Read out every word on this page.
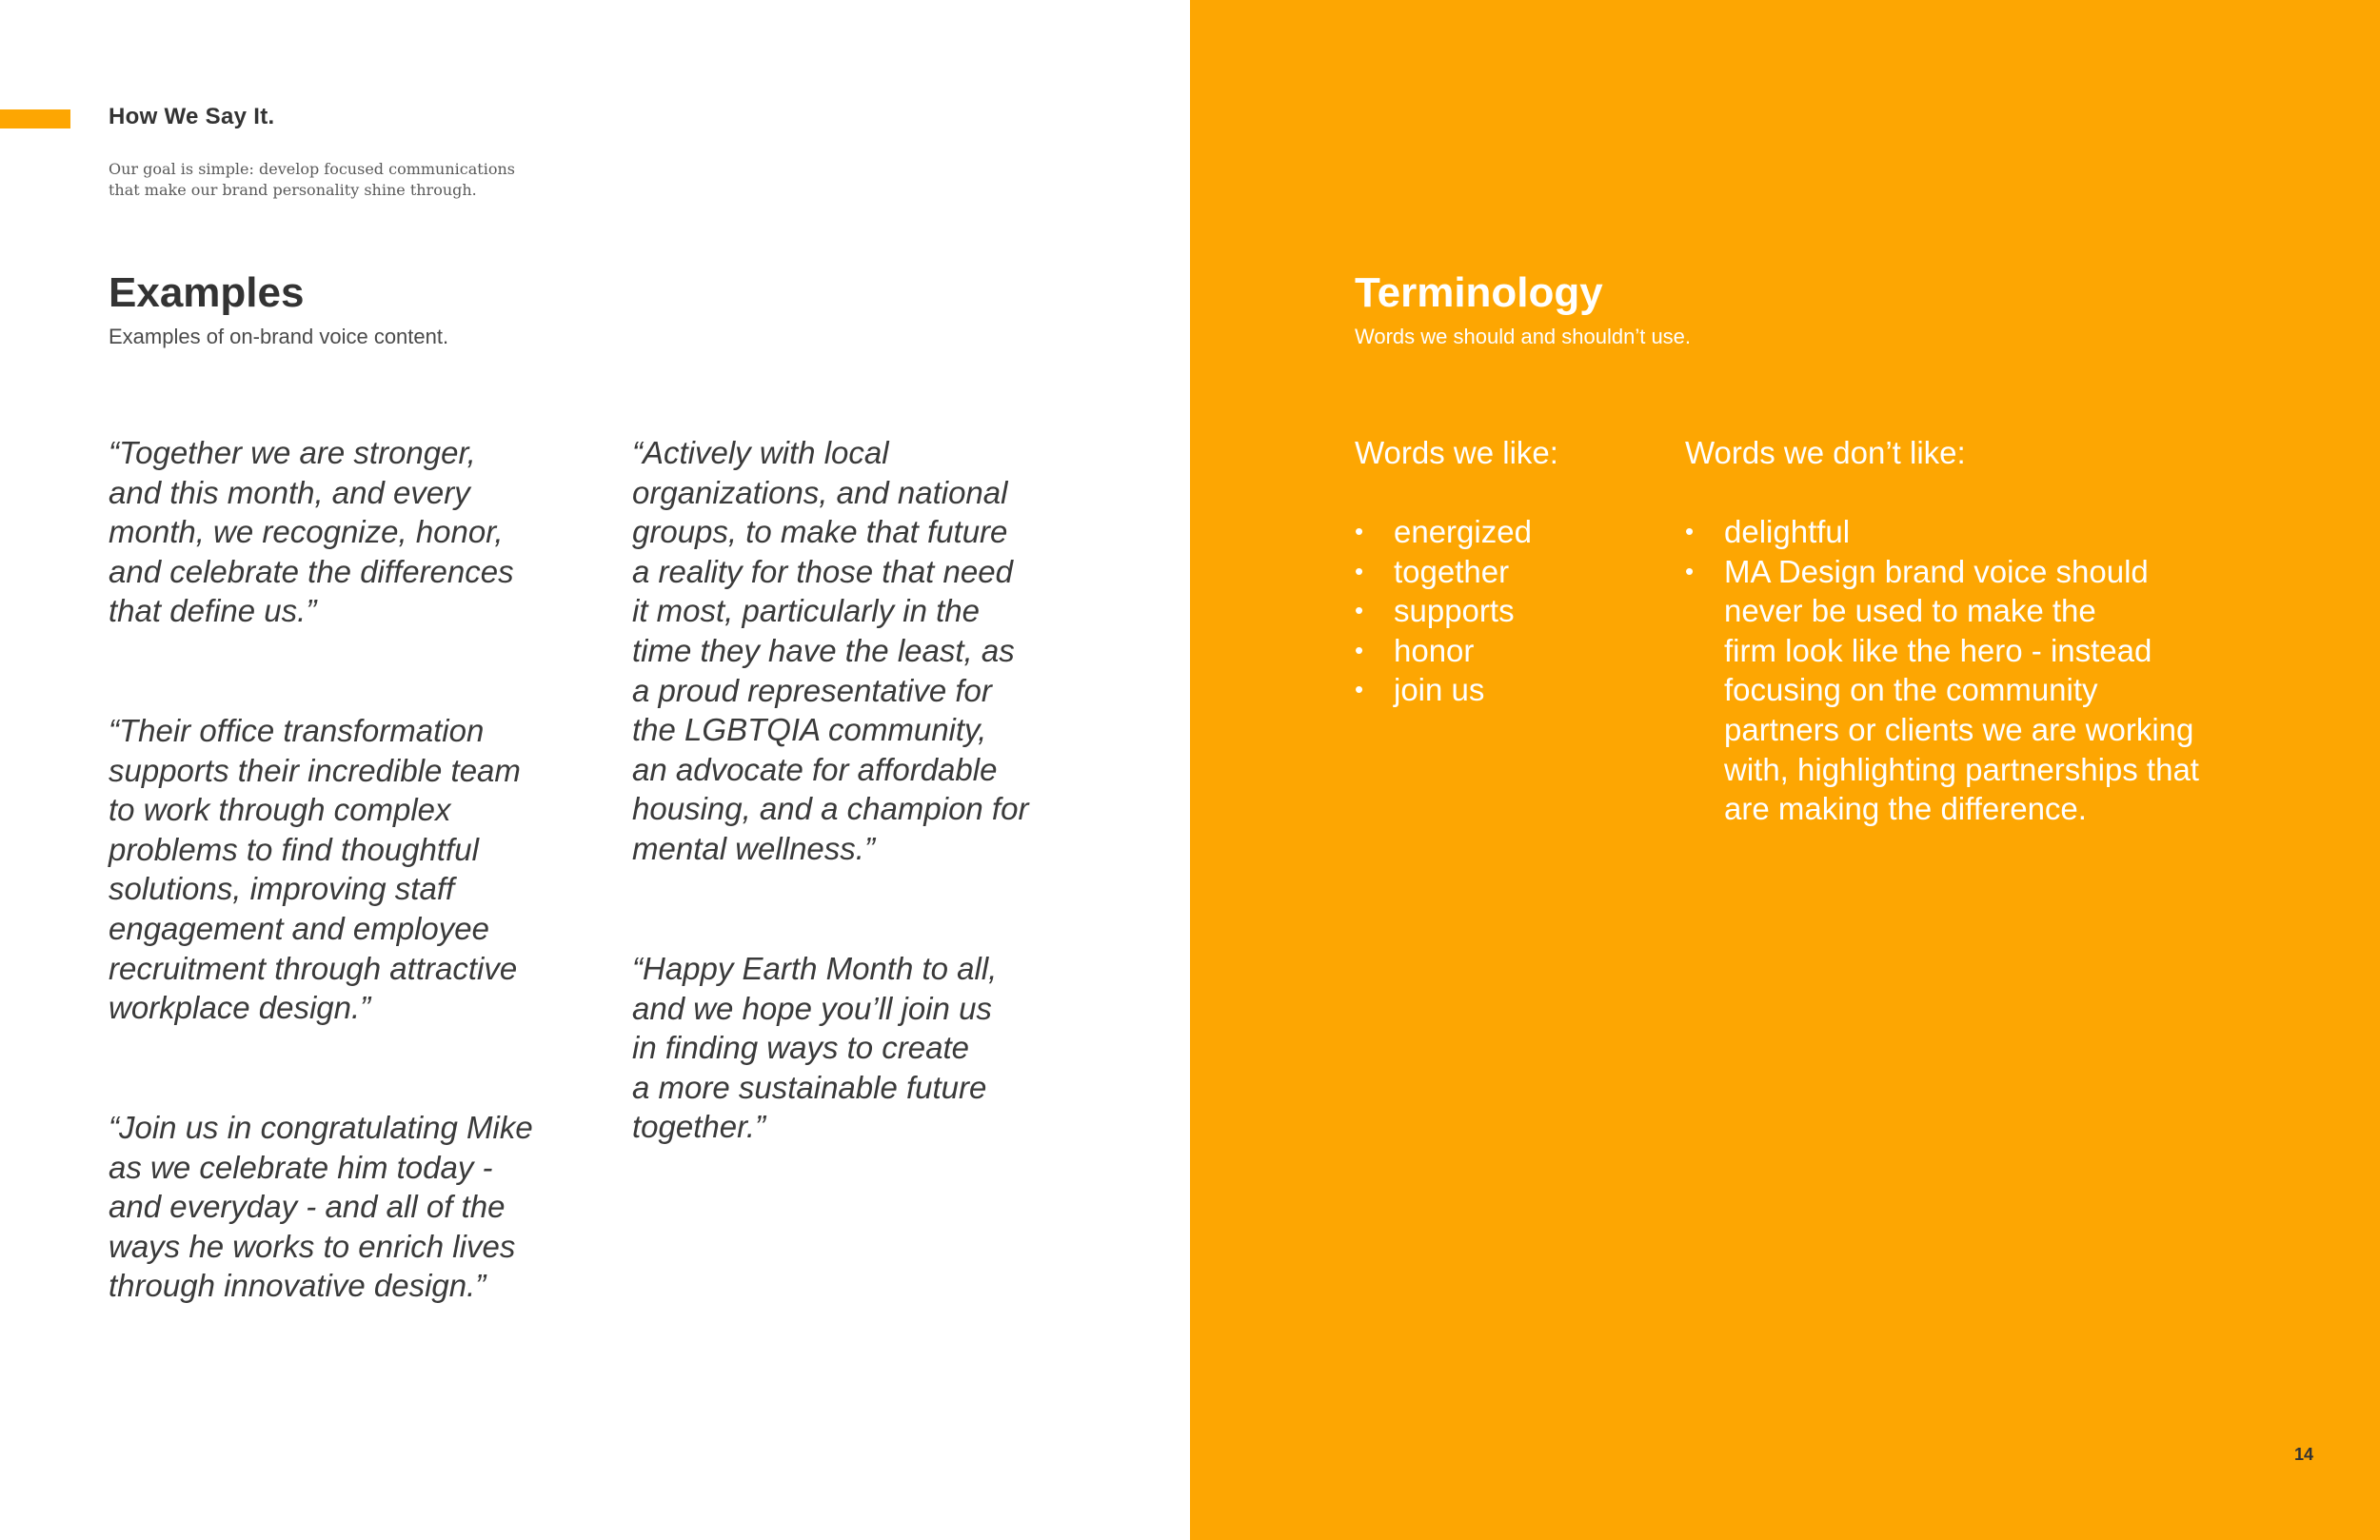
How We Say It.

Our goal is simple: develop focused communications
that make our brand personality shine through.

Examples

Examples of on-brand voice content.

“Together we are stronger,
and this month, and every
month, we recognize, honor,
and celebrate the differences
that define us.”

“Their office transformation
supports their incredible team
to work through complex
problems to find thoughtful
solutions, improving staff
engagement and employee
recruitment through attractive
workplace design.”

“Join us in congratulating Mike
as we celebrate him today -
and everyday - and all of the
ways he works to enrich lives
through innovative design.”

“Actively with local
organizations, and national
groups, to make that future
a reality for those that need
it most, particularly in the
time they have the least, as
a proud representative for
the LGBTQIA community,
an advocate for affordable
housing, and a champion for
mental wellness.”

“Happy Earth Month to all,
and we hope you’ll join us
in finding ways to create
a more sustainable future
together.”

Terminology

Words we should and shouldn’t use.

Words we like:

• energized
• together
• supports
• honor
• join us

Words we don’t like:

• delightful
• MA Design brand voice should
never be used to make the
firm look like the hero - instead
focusing on the community
partners or clients we are working
with, highlighting partnerships that
are making the difference.

14
